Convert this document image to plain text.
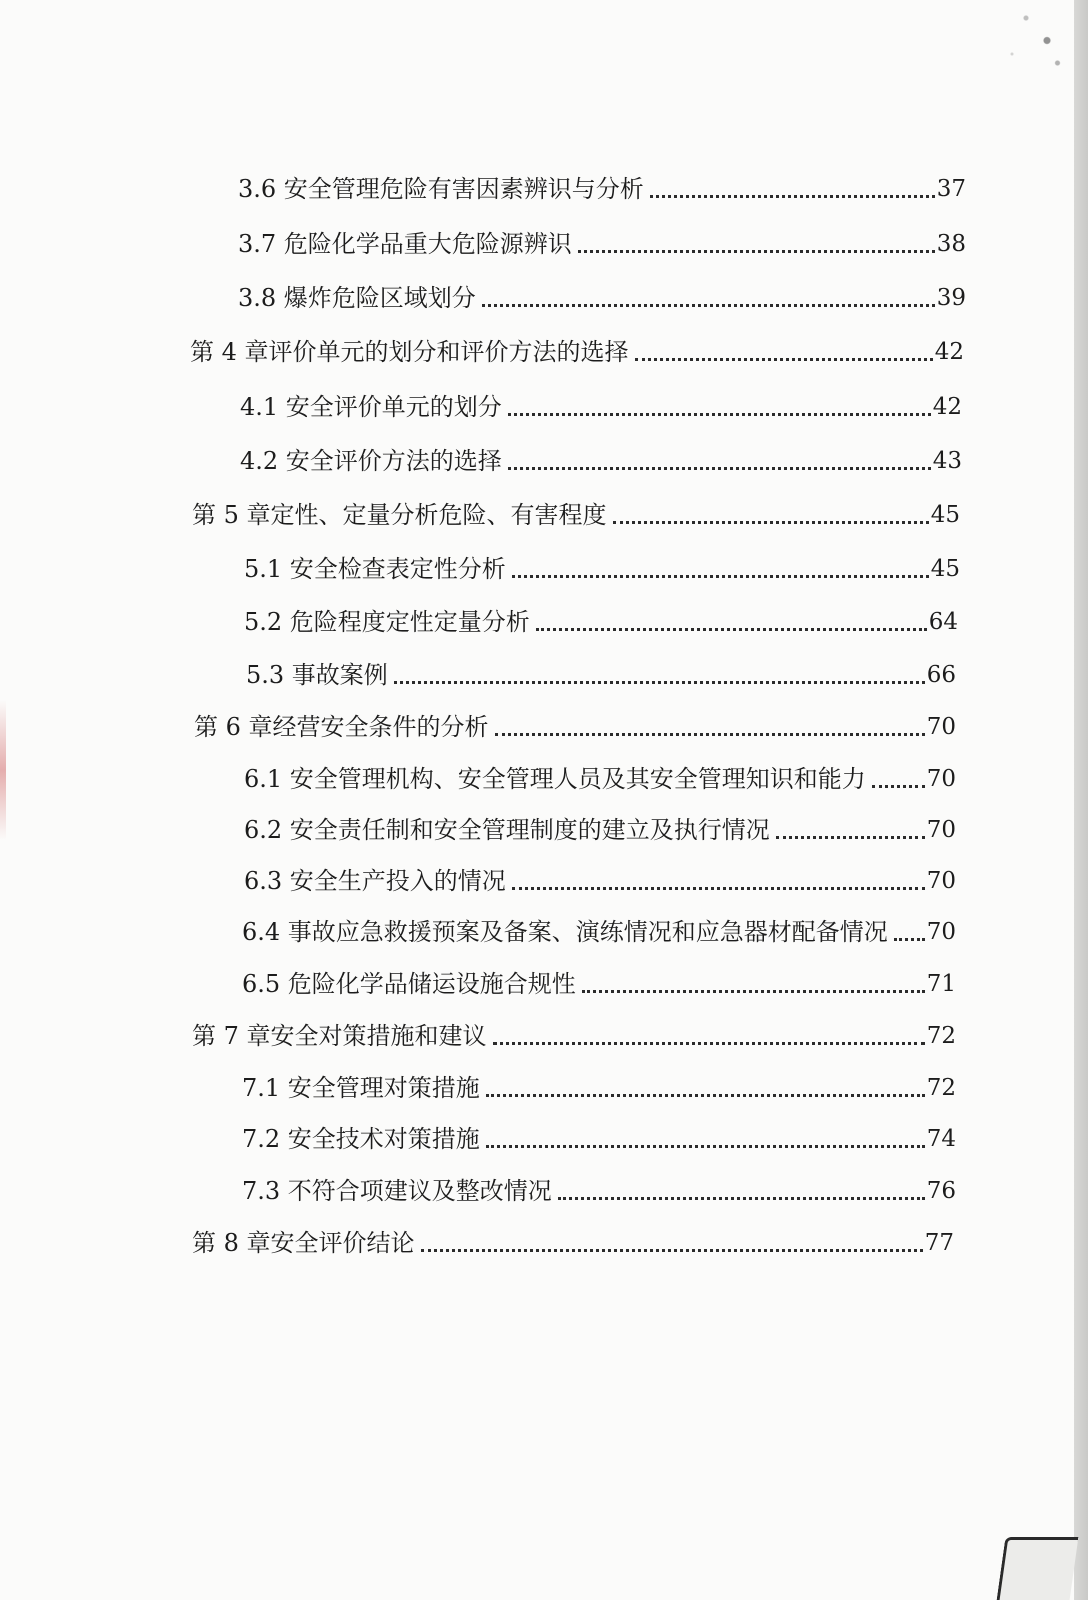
3.6 安全管理危险有害因素辨识与分析	37
3.7 危险化学品重大危险源辨识	38
3.8 爆炸危险区域划分	39
第 4 章评价单元的划分和评价方法的选择	42
4.1 安全评价单元的划分	42
4.2 安全评价方法的选择	43
第 5 章定性、定量分析危险、有害程度	45
5.1 安全检查表定性分析	45
5.2 危险程度定性定量分析	64
5.3 事故案例	66
第 6 章经营安全条件的分析	70
6.1 安全管理机构、安全管理人员及其安全管理知识和能力	70
6.2 安全责任制和安全管理制度的建立及执行情况	70
6.3 安全生产投入的情况	70
6.4 事故应急救援预案及备案、演练情况和应急器材配备情况 70
6.5 危险化学品储运设施合规性	71
第 7 章安全对策措施和建议	72
7.1 安全管理对策措施	72
7.2 安全技术对策措施	74
7.3 不符合项建议及整改情况	76
第 8 章安全评价结论	77
